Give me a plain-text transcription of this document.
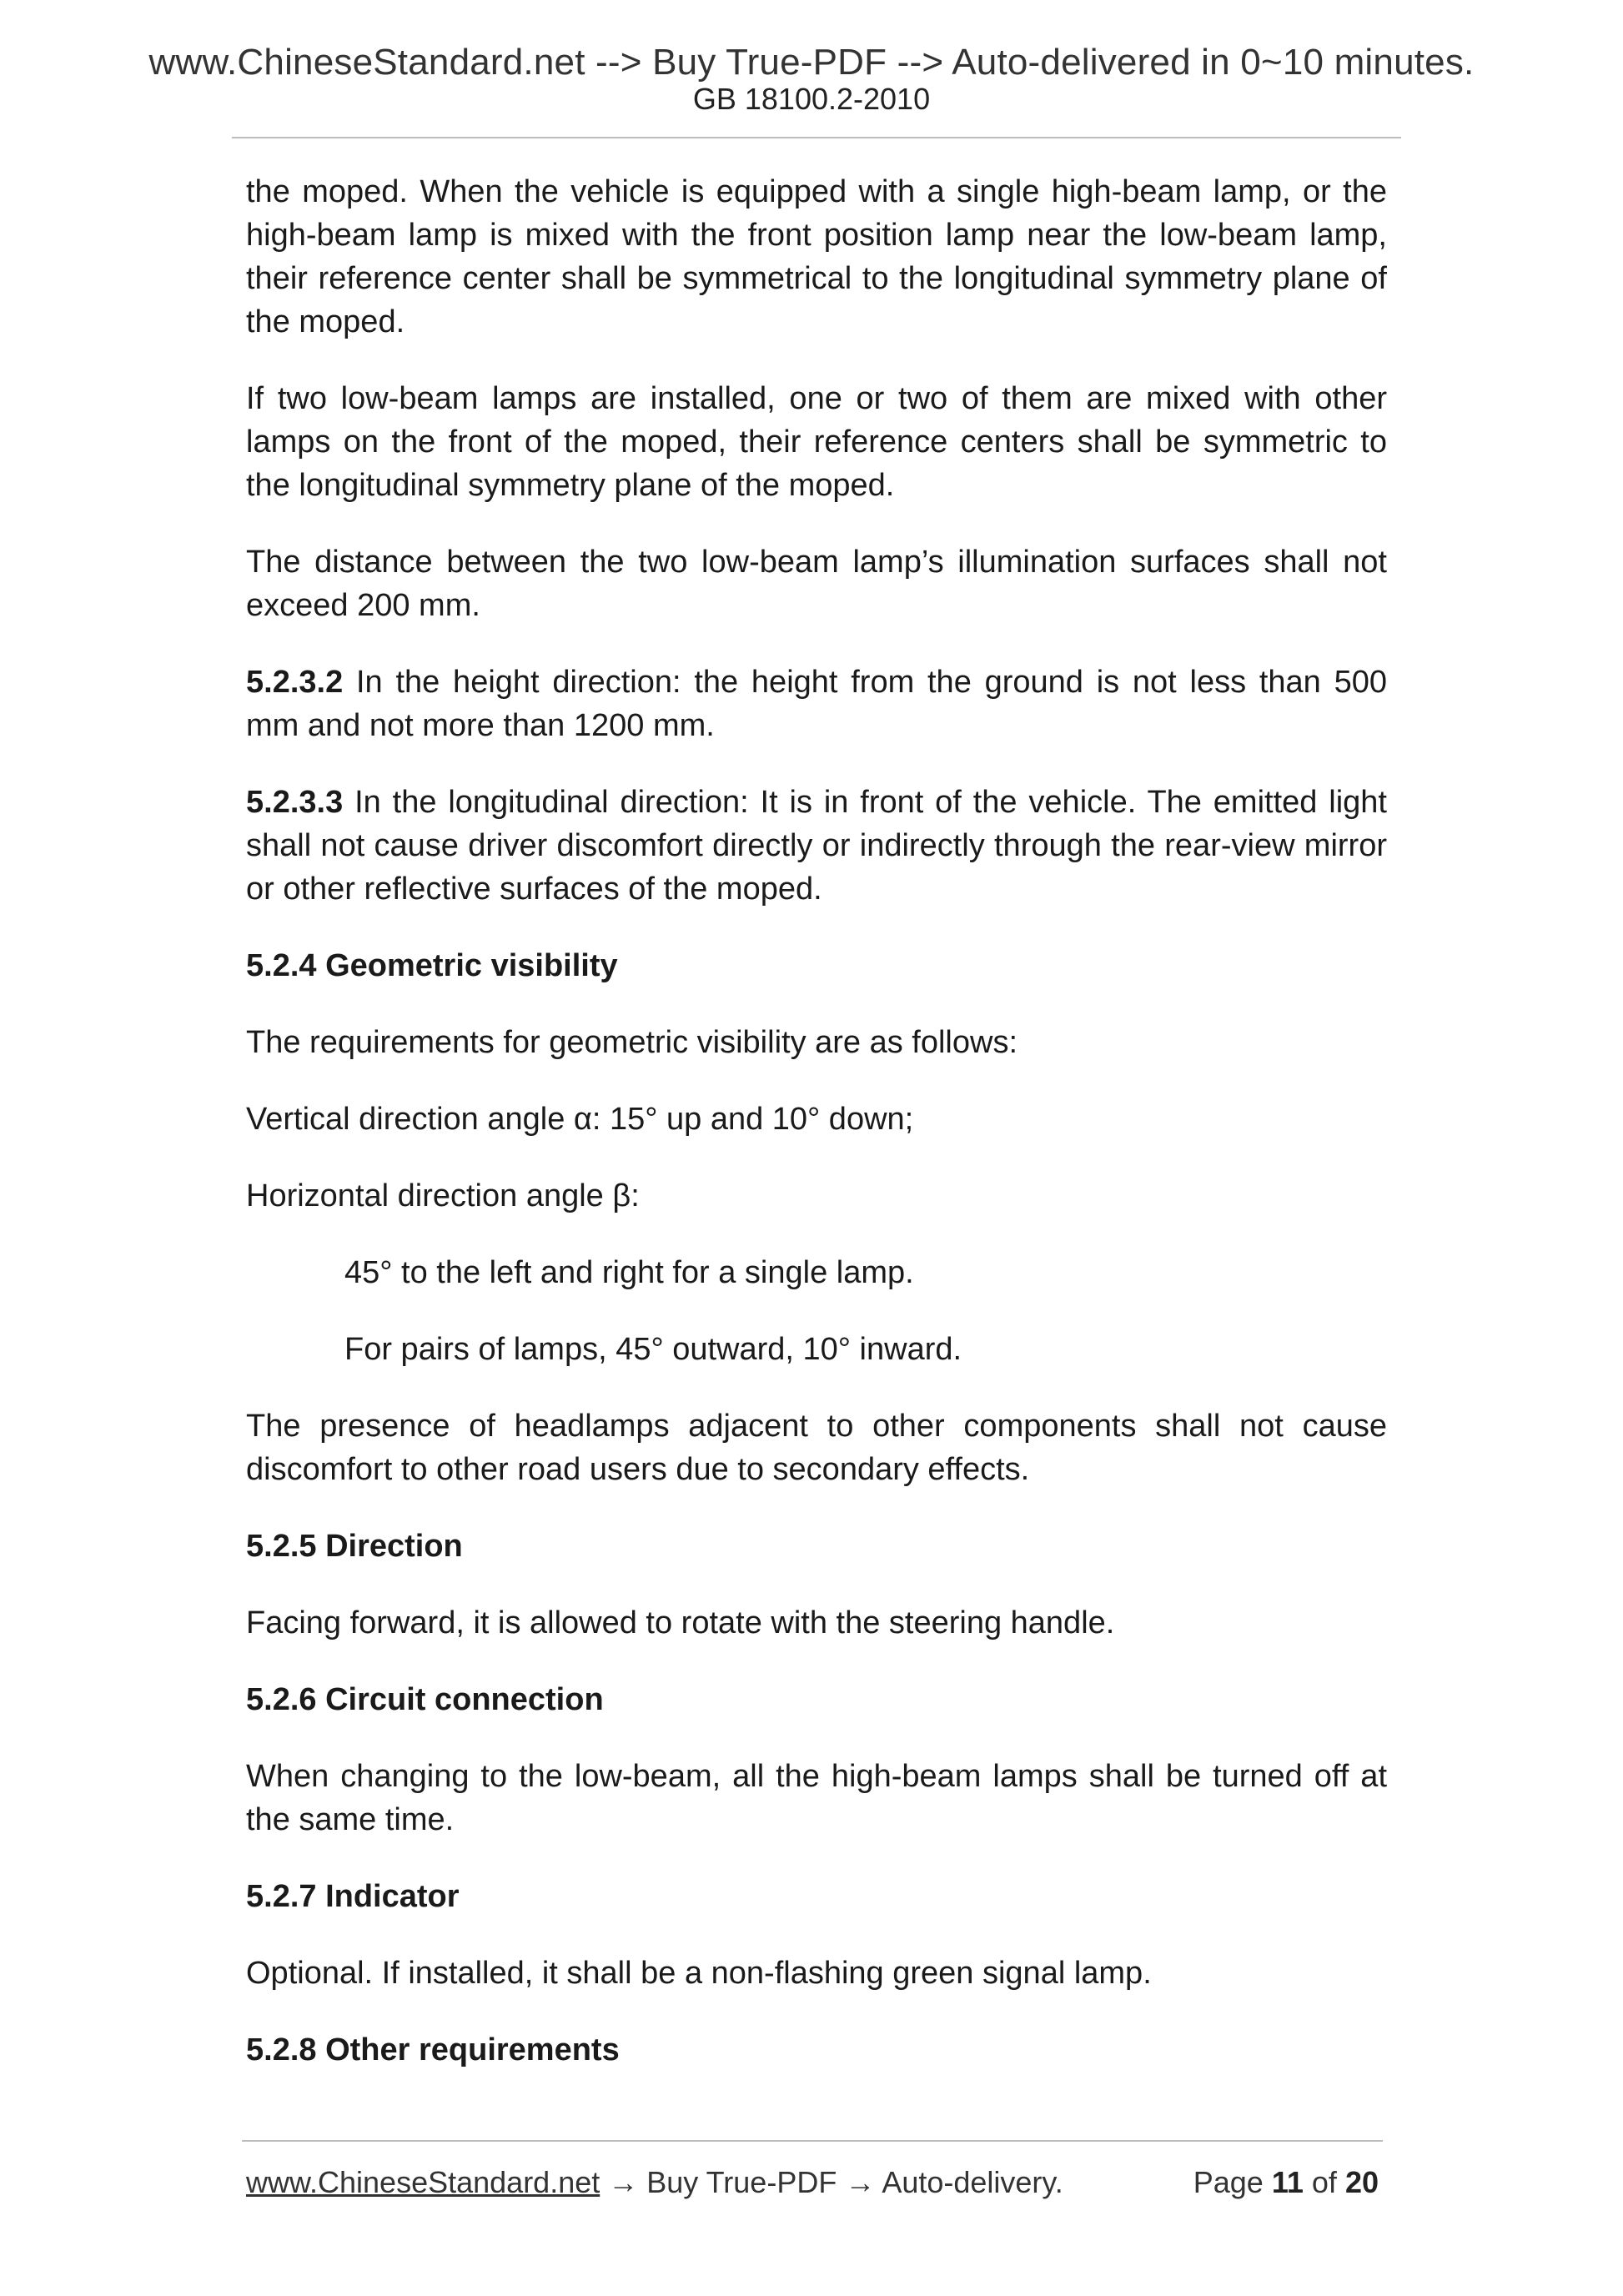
www.ChineseStandard.net --> Buy True-PDF --> Auto-delivered in 0~10 minutes.
GB 18100.2-2010

the moped. When the vehicle is equipped with a single high-beam lamp, or the high-beam lamp is mixed with the front position lamp near the low-beam lamp, their reference center shall be symmetrical to the longitudinal symmetry plane of the moped.

If two low-beam lamps are installed, one or two of them are mixed with other lamps on the front of the moped, their reference centers shall be symmetric to the longitudinal symmetry plane of the moped.

The distance between the two low-beam lamp’s illumination surfaces shall not exceed 200 mm.

5.2.3.2 In the height direction: the height from the ground is not less than 500 mm and not more than 1200 mm.

5.2.3.3 In the longitudinal direction: It is in front of the vehicle. The emitted light shall not cause driver discomfort directly or indirectly through the rear-view mirror or other reflective surfaces of the moped.

5.2.4 Geometric visibility

The requirements for geometric visibility are as follows:

Vertical direction angle α: 15° up and 10° down;

Horizontal direction angle β:

45° to the left and right for a single lamp.

For pairs of lamps, 45° outward, 10° inward.

The presence of headlamps adjacent to other components shall not cause discomfort to other road users due to secondary effects.

5.2.5 Direction

Facing forward, it is allowed to rotate with the steering handle.

5.2.6 Circuit connection

When changing to the low-beam, all the high-beam lamps shall be turned off at the same time.

5.2.7 Indicator

Optional. If installed, it shall be a non-flashing green signal lamp.

5.2.8 Other requirements

www.ChineseStandard.net → Buy True-PDF → Auto-delivery.	Page 11 of 20
